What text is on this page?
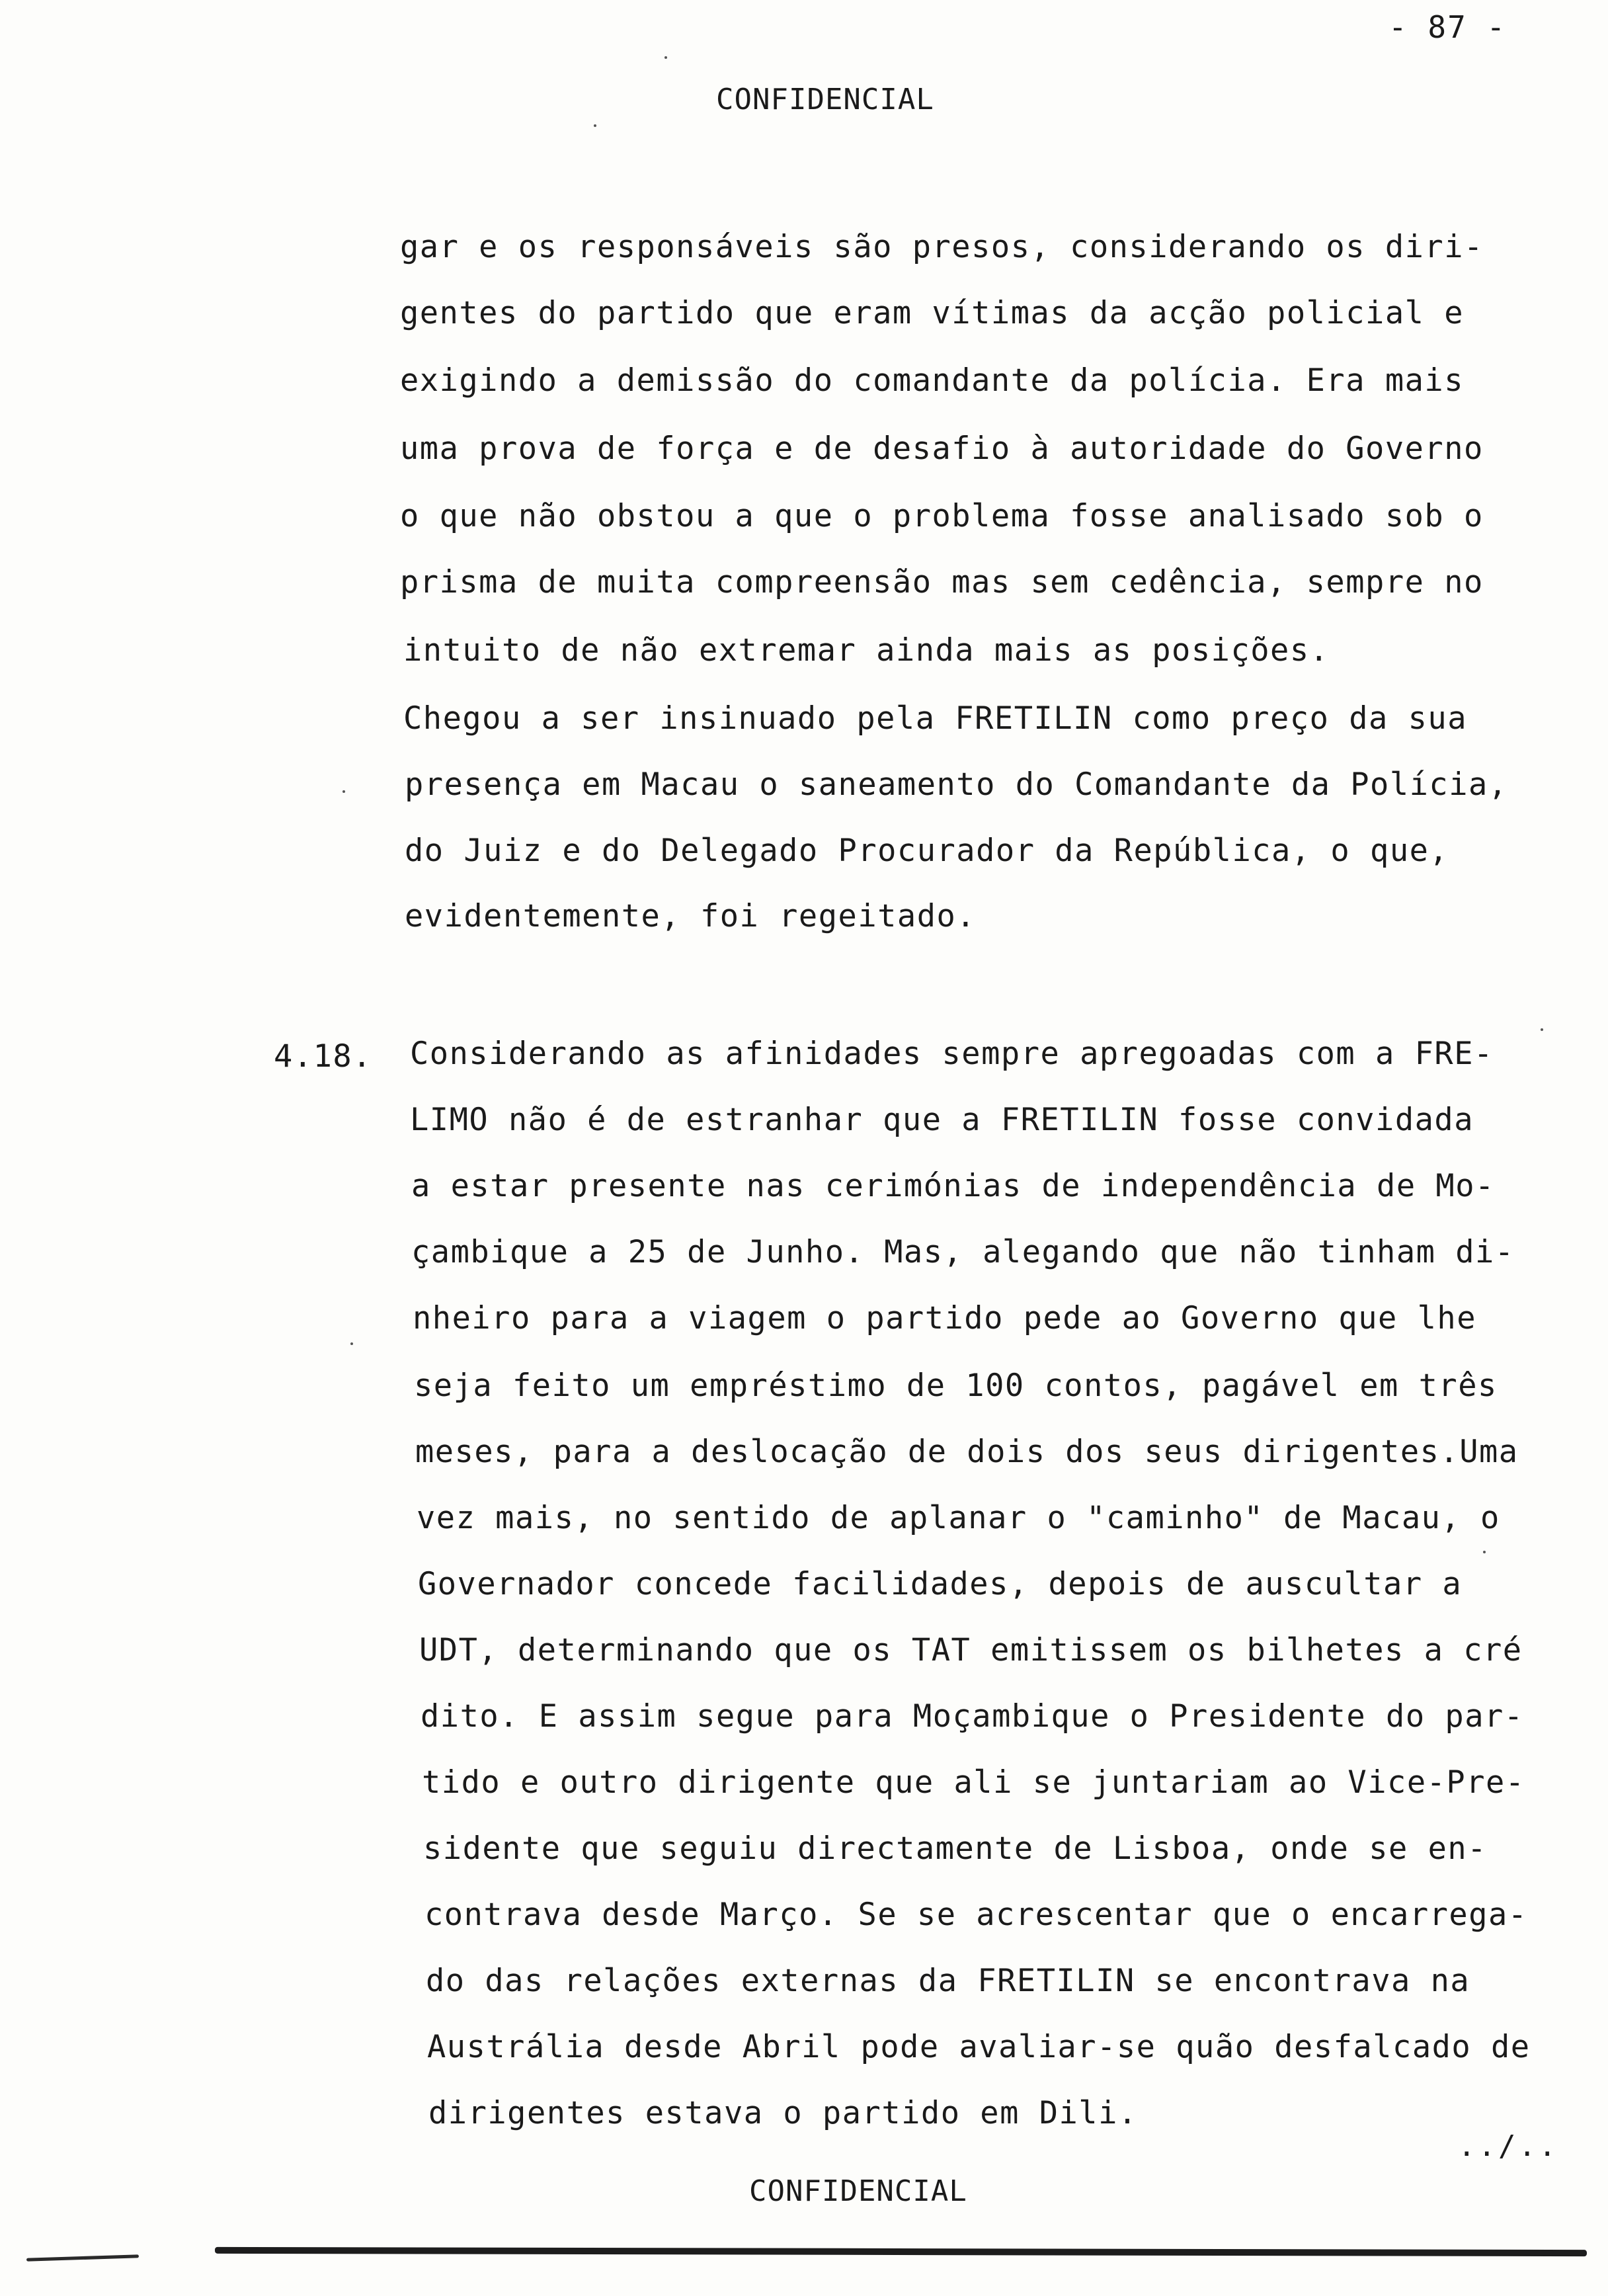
- 87 -
CONFIDENCIAL
gar e os responsáveis são presos, considerando os diri-
gentes do partido que eram vítimas da acção policial e
exigindo a demissão do comandante da polícia. Era mais
uma prova de força e de desafio à autoridade do Governo
o que não obstou a que o problema fosse analisado sob o
prisma de muita compreensão mas sem cedência, sempre no
intuito de não extremar ainda mais as posições.
Chegou a ser insinuado pela FRETILIN como preço da sua
presença em Macau o saneamento do Comandante da Polícia,
do Juiz e do Delegado Procurador da República, o que,
evidentemente, foi regeitado.
4.18. Considerando as afinidades sempre apregoadas com a FRE-
LIMO não é de estranhar que a FRETILIN fosse convidada
a estar presente nas cerimónias de independência de Mo-
çambique a 25 de Junho. Mas, alegando que não tinham di-
nheiro para a viagem o partido pede ao Governo que lhe
seja feito um empréstimo de 100 contos, pagável em três
meses, para a deslocação de dois dos seus dirigentes.Uma
vez mais, no sentido de aplanar o "caminho" de Macau, o
Governador concede facilidades, depois de auscultar a
UDT, determinando que os TAT emitissem os bilhetes a cré
dito. E assim segue para Moçambique o Presidente do par-
tido e outro dirigente que ali se juntariam ao Vice-Pre-
sidente que seguiu directamente de Lisboa, onde se en-
contrava desde Março. Se se acrescentar que o encarrega-
do das relações externas da FRETILIN se encontrava na
Austrália desde Abril pode avaliar-se quão desfalcado de
dirigentes estava o partido em Dili.
../..
CONFIDENCIAL
